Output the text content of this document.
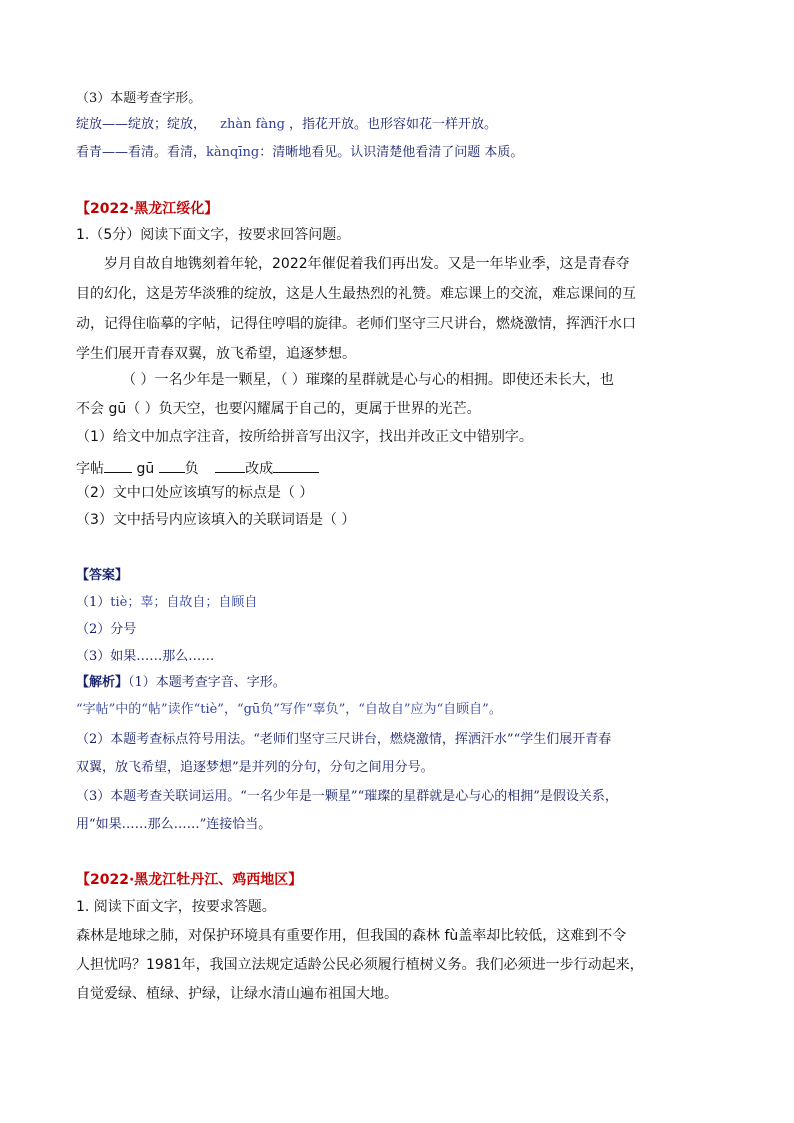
（3）本题考查字形。
绽放——绽放；绽放， zhàn fàng ，指花开放。也形容如花一样开放。
看青——看清。看清，kànqīng：清晰地看见。认识清楚他看清了问题 本质。
【2022·黑龙江绥化】
1.（5分）阅读下面文字，按要求回答问题。
岁月自故自地镌刻着年轮，2022年催促着我们再出发。又是一年毕业季，这是青春夺
目的幻化，这是芳华淡雅的绽放，这是人生最热烈的礼赞。难忘课上的交流，难忘课间的互
动，记得住临摹的字帖，记得住哼唱的旋律。老师们坚守三尺讲台，燃烧激情，挥洒汗水口
学生们展开青春双翼，放飞希望，追逐梦想。
（ ）一名少年是一颗星，（ ）璀璨的星群就是心与心的相拥。即使还未长大，也
不会 gū（ ）负天空，也要闪耀属于自己的，更属于世界的光芒。
（1）给文中加点字注音，按所给拼音写出汉字，找出并改正文中错别字。
字帖 gū 负	改成
（2）文中口处应该填写的标点是（ ）
（3）文中括号内应该填入的关联词语是（ ）
【答案】
（1）tiè；辜；自故自；自顾自
（2）分号
（3）如果……那么……
【解析】（1）本题考查字音、字形。
“字帖”中的“帖”读作“tiè”，“gū负”写作“辜负”，“自故自”应为“自顾自”。
（2）本题考查标点符号用法。“老师们坚守三尺讲台，燃烧激情，挥洒汗水”“学生们展开青春
双翼，放飞希望，追逐梦想”是并列的分句，分句之间用分号。
（3）本题考查关联词运用。“一名少年是一颗星”“璀璨的星群就是心与心的相拥”是假设关系，
用“如果……那么……”连接恰当。
【2022·黑龙江牡丹江、鸡西地区】
1. 阅读下面文字，按要求答题。
森林是地球之肺，对保护环境具有重要作用，但我国的森林 fù盖率却比较低，这难到不令
人担忧吗？1981年，我国立法规定适龄公民必须履行植树义务。我们必须进一步行动起来，
自觉爱绿、植绿、护绿，让绿水清山遍布祖国大地。
